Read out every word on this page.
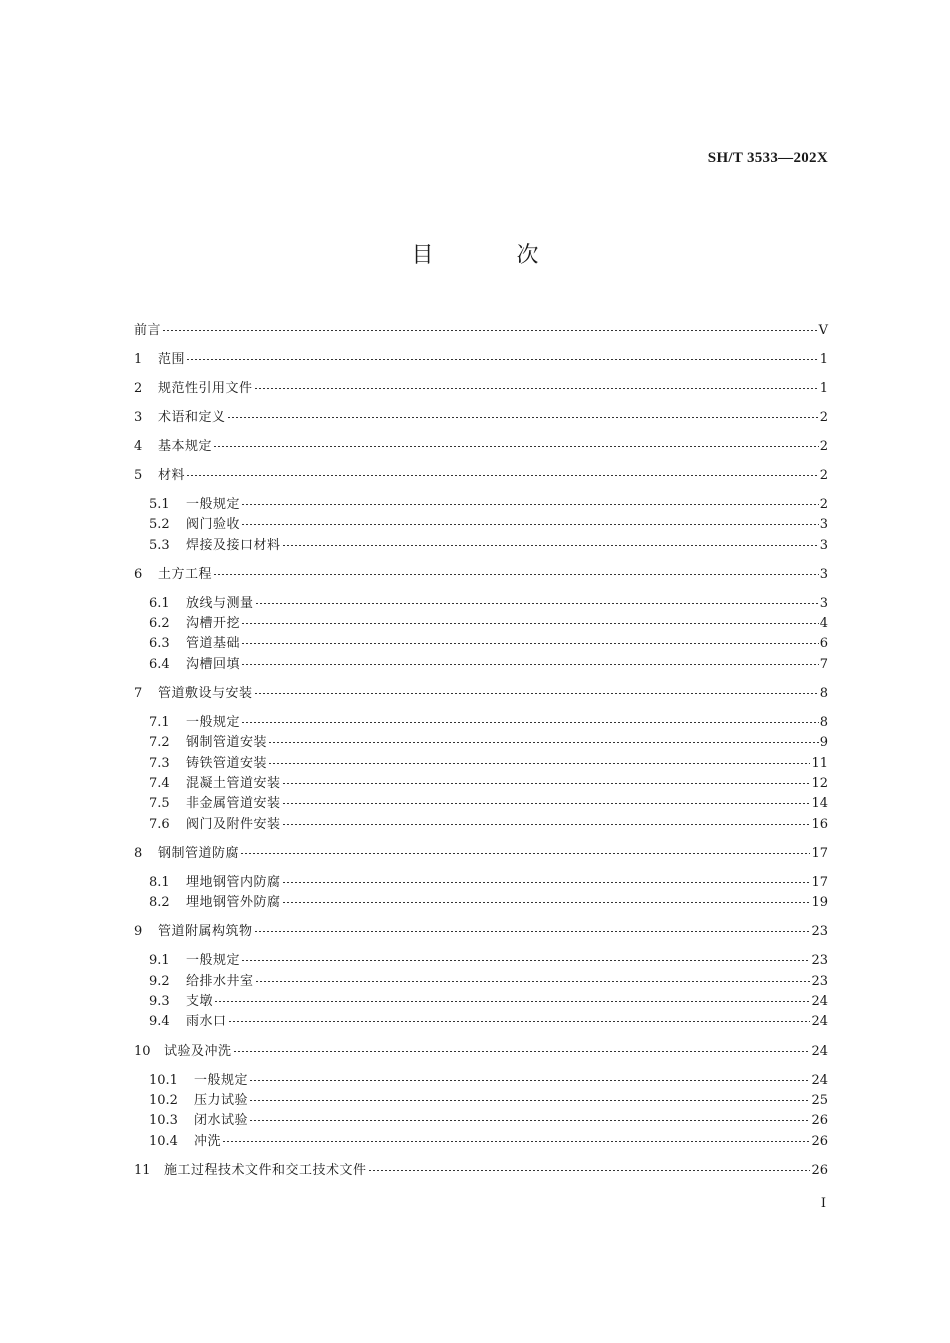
SH/T 3533—202X
目 次
前言	V
1	范围	1
2	规范性引用文件	1
3	术语和定义	2
4	基本规定	2
5	材料	2
5.1	一般规定	2
5.2	阀门验收	3
5.3	焊接及接口材料	3
6	土方工程	3
6.1	放线与测量	3
6.2	沟槽开挖	4
6.3	管道基础	6
6.4	沟槽回填	7
7	管道敷设与安装	8
7.1	一般规定	8
7.2	钢制管道安装	9
7.3	铸铁管道安装	11
7.4	混凝土管道安装	12
7.5	非金属管道安装	14
7.6	阀门及附件安装	16
8	钢制管道防腐	17
8.1	埋地钢管内防腐	17
8.2	埋地钢管外防腐	19
9	管道附属构筑物	23
9.1	一般规定	23
9.2	给排水井室	23
9.3	支墩	24
9.4	雨水口	24
10	试验及冲洗	24
10.1	一般规定	24
10.2	压力试验	25
10.3	闭水试验	26
10.4	冲洗	26
11	施工过程技术文件和交工技术文件	26
I
